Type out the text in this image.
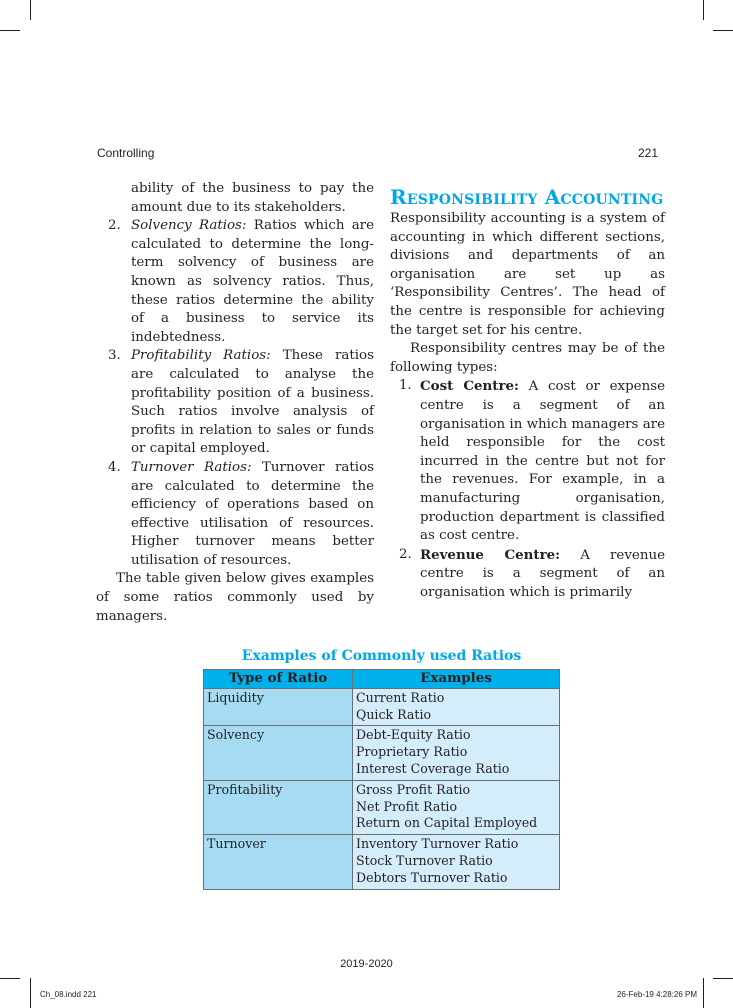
Controlling	221
ability of the business to pay the amount due to its stakeholders.
2. Solvency Ratios: Ratios which are calculated to determine the long-term solvency of business are known as solvency ratios. Thus, these ratios determine the ability of a business to service its indebtedness.
3. Profitability Ratios: These ratios are calculated to analyse the profitability position of a business. Such ratios involve analysis of profits in relation to sales or funds or capital employed.
4. Turnover Ratios: Turnover ratios are calculated to determine the efficiency of operations based on effective utilisation of resources. Higher turnover means better utilisation of resources.
The table given below gives examples of some ratios commonly used by managers.
Responsibility Accounting
Responsibility accounting is a system of accounting in which different sections, divisions and departments of an organisation are set up as ‘Responsibility Centres’. The head of the centre is responsible for achieving the target set for his centre.
Responsibility centres may be of the following types:
1. Cost Centre: A cost or expense centre is a segment of an organisation in which managers are held responsible for the cost incurred in the centre but not for the revenues. For example, in a manufacturing organisation, production department is classified as cost centre.
2. Revenue Centre: A revenue centre is a segment of an organisation which is primarily
Examples of Commonly used Ratios
Type of Ratio	Examples
Liquidity	Current Ratio
Quick Ratio

Solvency	Debt-Equity Ratio
Proprietary Ratio
Interest Coverage Ratio

Profitability	Gross Profit Ratio
Net Profit Ratio
Return on Capital Employed

Turnover	Inventory Turnover Ratio
Stock Turnover Ratio
Debtors Turnover Ratio
2019-2020
Ch_08.indd 221	26-Feb-19 4:28:26 PM
